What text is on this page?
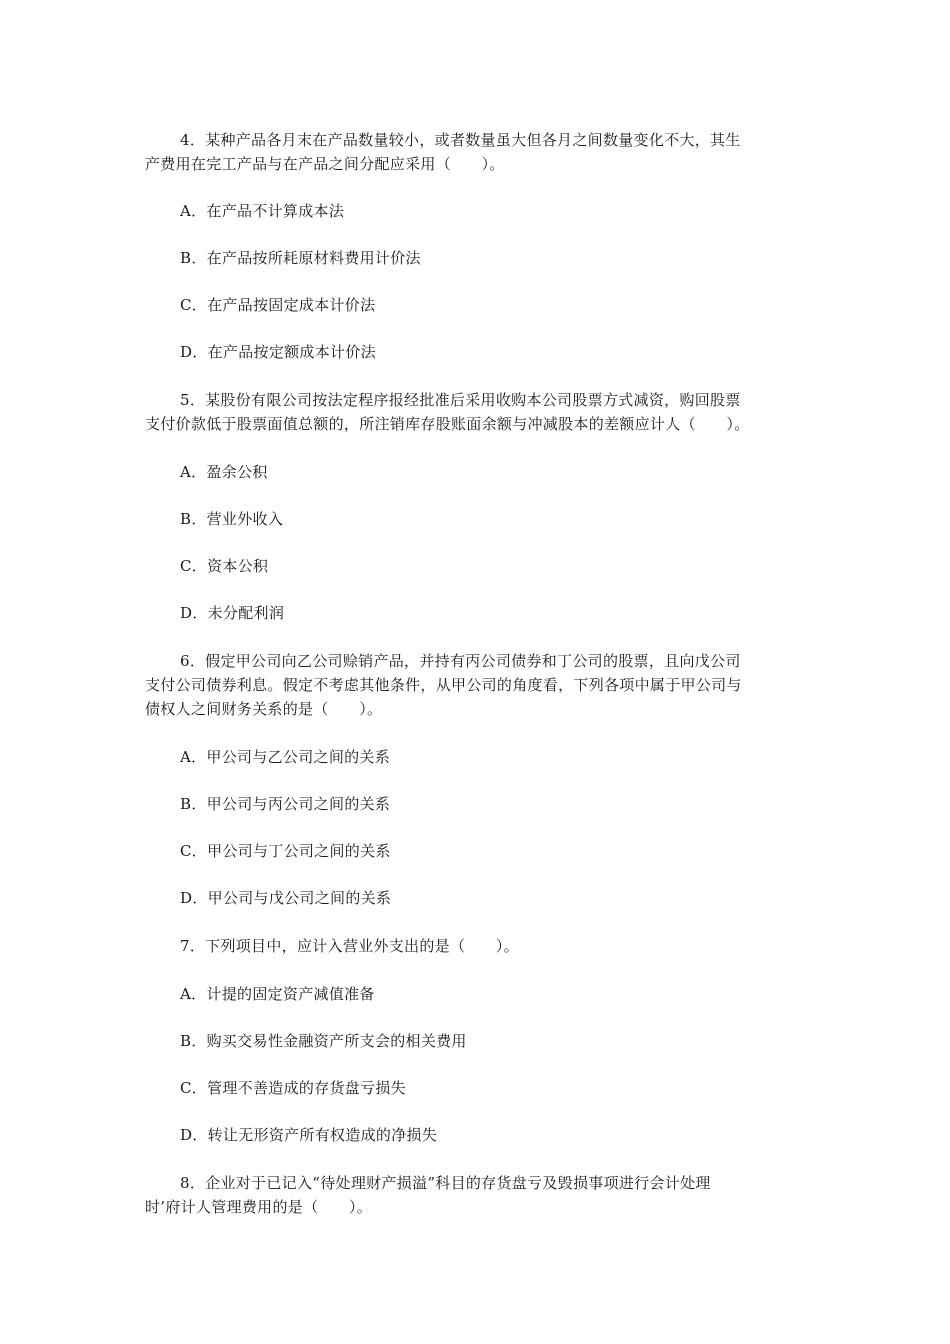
4．某种产品各月末在产品数量较小，或者数量虽大但各月之间数量变化不大，其生
产费用在完工产品与在产品之间分配应采用（　　）。
A．在产品不计算成本法
B．在产品按所耗原材料费用计价法
C．在产品按固定成本计价法
D．在产品按定额成本计价法
5．某股份有限公司按法定程序报经批准后采用收购本公司股票方式减资，购回股票
支付价款低于股票面值总额的，所注销库存股账面余额与冲减股本的差额应计人（　　）。
A．盈余公积
B．营业外收入
C．资本公积
D．未分配利润
6．假定甲公司向乙公司赊销产品，并持有丙公司债券和丁公司的股票，且向戊公司
支付公司债券利息。假定不考虑其他条件，从甲公司的角度看，下列各项中属于甲公司与
债权人之间财务关系的是（　　）。
A．甲公司与乙公司之间的关系
B．甲公司与丙公司之间的关系
C．甲公司与丁公司之间的关系
D．甲公司与戊公司之间的关系
7．下列项目中，应计入营业外支出的是（　　）。
A．计提的固定资产减值准备
B．购买交易性金融资产所支会的相关费用
C．管理不善造成的存货盘亏损失
D．转让无形资产所有权造成的净损失
8．企业对于已记入“待处理财产损溢”科目的存货盘亏及毁损事项进行会计处理
时’府计人管理费用的是（　　）。
